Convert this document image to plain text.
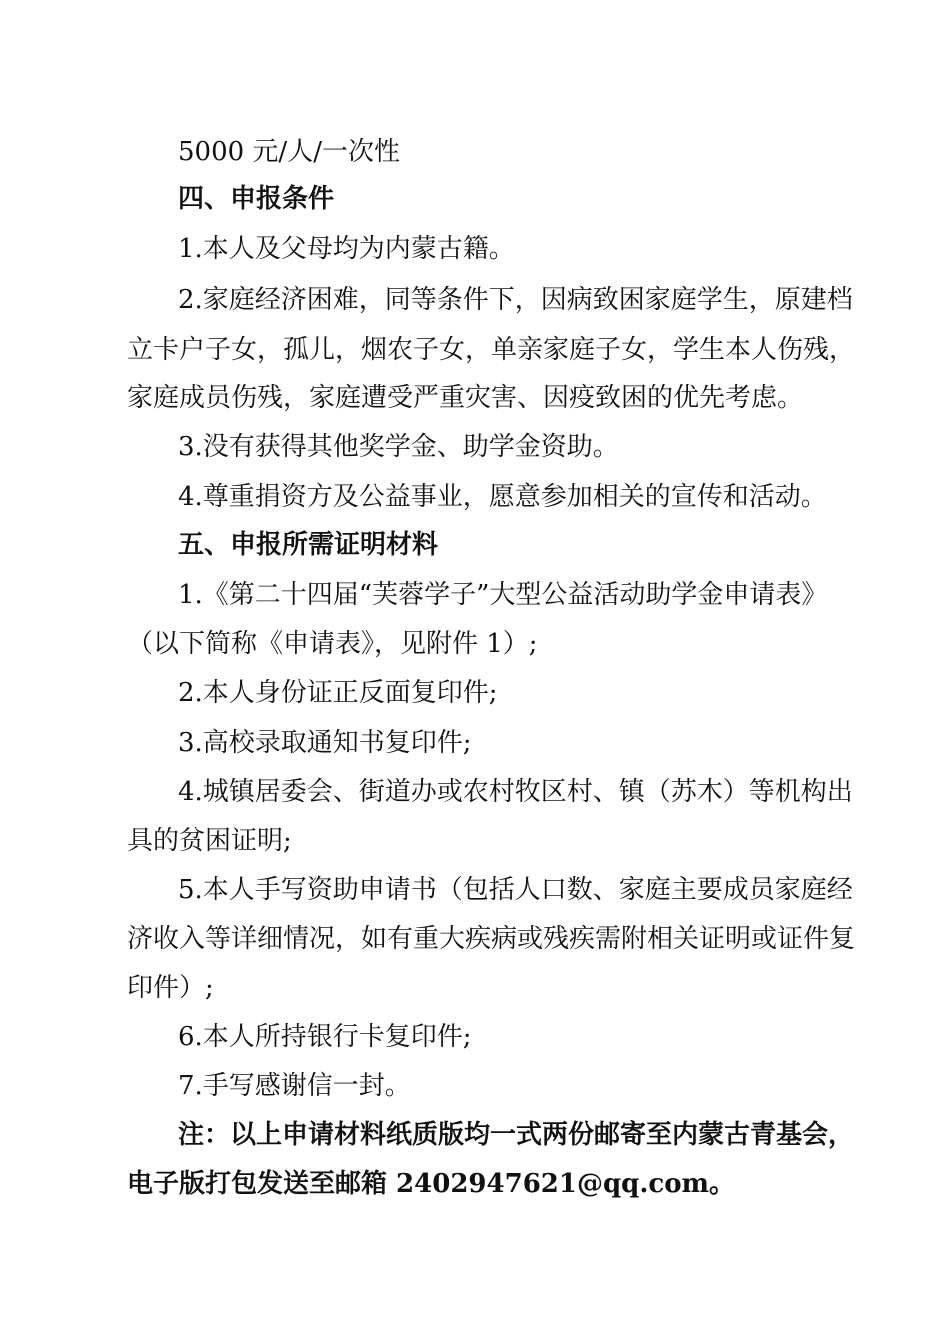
5000 元/人/一次性
四、申报条件
1.本人及父母均为内蒙古籍。
2.家庭经济困难，同等条件下，因病致困家庭学生，原建档
立卡户子女，孤儿，烟农子女，单亲家庭子女，学生本人伤残，
家庭成员伤残，家庭遭受严重灾害、因疫致困的优先考虑。
3.没有获得其他奖学金、助学金资助。
4.尊重捐资方及公益事业，愿意参加相关的宣传和活动。
五、申报所需证明材料
1.《第二十四届“芙蓉学子”大型公益活动助学金申请表》
（以下简称《申请表》，见附件 1）;
2.本人身份证正反面复印件;
3.高校录取通知书复印件;
4.城镇居委会、街道办或农村牧区村、镇（苏木）等机构出
具的贫困证明;
5.本人手写资助申请书（包括人口数、家庭主要成员家庭经
济收入等详细情况，如有重大疾病或残疾需附相关证明或证件复
印件）;
6.本人所持银行卡复印件;
7.手写感谢信一封。
注：以上申请材料纸质版均一式两份邮寄至内蒙古青基会，
电子版打包发送至邮箱 2402947621@qq.com。
